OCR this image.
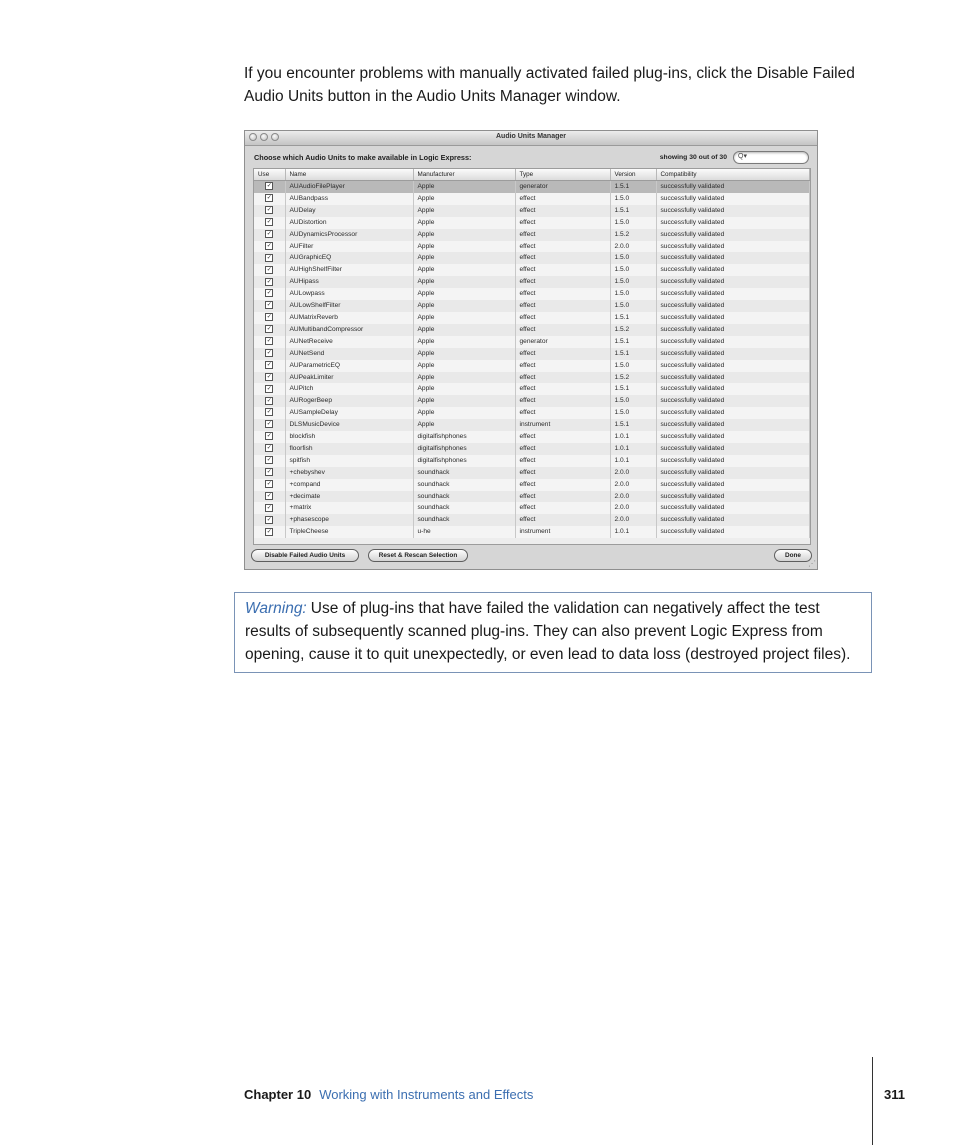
If you encounter problems with manually activated failed plug-ins, click the Disable Failed Audio Units button in the Audio Units Manager window.

Audio Units Manager
Choose which Audio Units to make available in Logic Express:	showing 30 out of 30 Q▾
Use	Name	Manufacturer	Type	Version	Compatibility
✓	AUAudioFilePlayer	Apple	generator	1.5.1	successfully validated
✓	AUBandpass	Apple	effect	1.5.0	successfully validated
✓	AUDelay	Apple	effect	1.5.1	successfully validated
✓	AUDistortion	Apple	effect	1.5.0	successfully validated
✓	AUDynamicsProcessor	Apple	effect	1.5.2	successfully validated
✓	AUFilter	Apple	effect	2.0.0	successfully validated
✓	AUGraphicEQ	Apple	effect	1.5.0	successfully validated
✓	AUHighShelfFilter	Apple	effect	1.5.0	successfully validated
✓	AUHipass	Apple	effect	1.5.0	successfully validated
✓	AULowpass	Apple	effect	1.5.0	successfully validated
✓	AULowShelfFilter	Apple	effect	1.5.0	successfully validated
✓	AUMatrixReverb	Apple	effect	1.5.1	successfully validated
✓	AUMultibandCompressor	Apple	effect	1.5.2	successfully validated
✓	AUNetReceive	Apple	generator	1.5.1	successfully validated
✓	AUNetSend	Apple	effect	1.5.1	successfully validated
✓	AUParametricEQ	Apple	effect	1.5.0	successfully validated
✓	AUPeakLimiter	Apple	effect	1.5.2	successfully validated
✓	AUPitch	Apple	effect	1.5.1	successfully validated
✓	AURogerBeep	Apple	effect	1.5.0	successfully validated
✓	AUSampleDelay	Apple	effect	1.5.0	successfully validated
✓	DLSMusicDevice	Apple	instrument	1.5.1	successfully validated
✓	blockfish	digitalfishphones	effect	1.0.1	successfully validated
✓	floorfish	digitalfishphones	effect	1.0.1	successfully validated
✓	spitfish	digitalfishphones	effect	1.0.1	successfully validated
✓	+chebyshev	soundhack	effect	2.0.0	successfully validated
✓	+compand	soundhack	effect	2.0.0	successfully validated
✓	+decimate	soundhack	effect	2.0.0	successfully validated
✓	+matrix	soundhack	effect	2.0.0	successfully validated
✓	+phasescope	soundhack	effect	2.0.0	successfully validated
✓	TripleCheese	u-he	instrument	1.0.1	successfully validated
Disable Failed Audio Units	Reset & Rescan Selection	Done
⋰
Warning: Use of plug-ins that have failed the validation can negatively affect the test results of subsequently scanned plug-ins. They can also prevent Logic Express from opening, cause it to quit unexpectedly, or even lead to data loss (destroyed project files).
Chapter 10 Working with Instruments and Effects	311
